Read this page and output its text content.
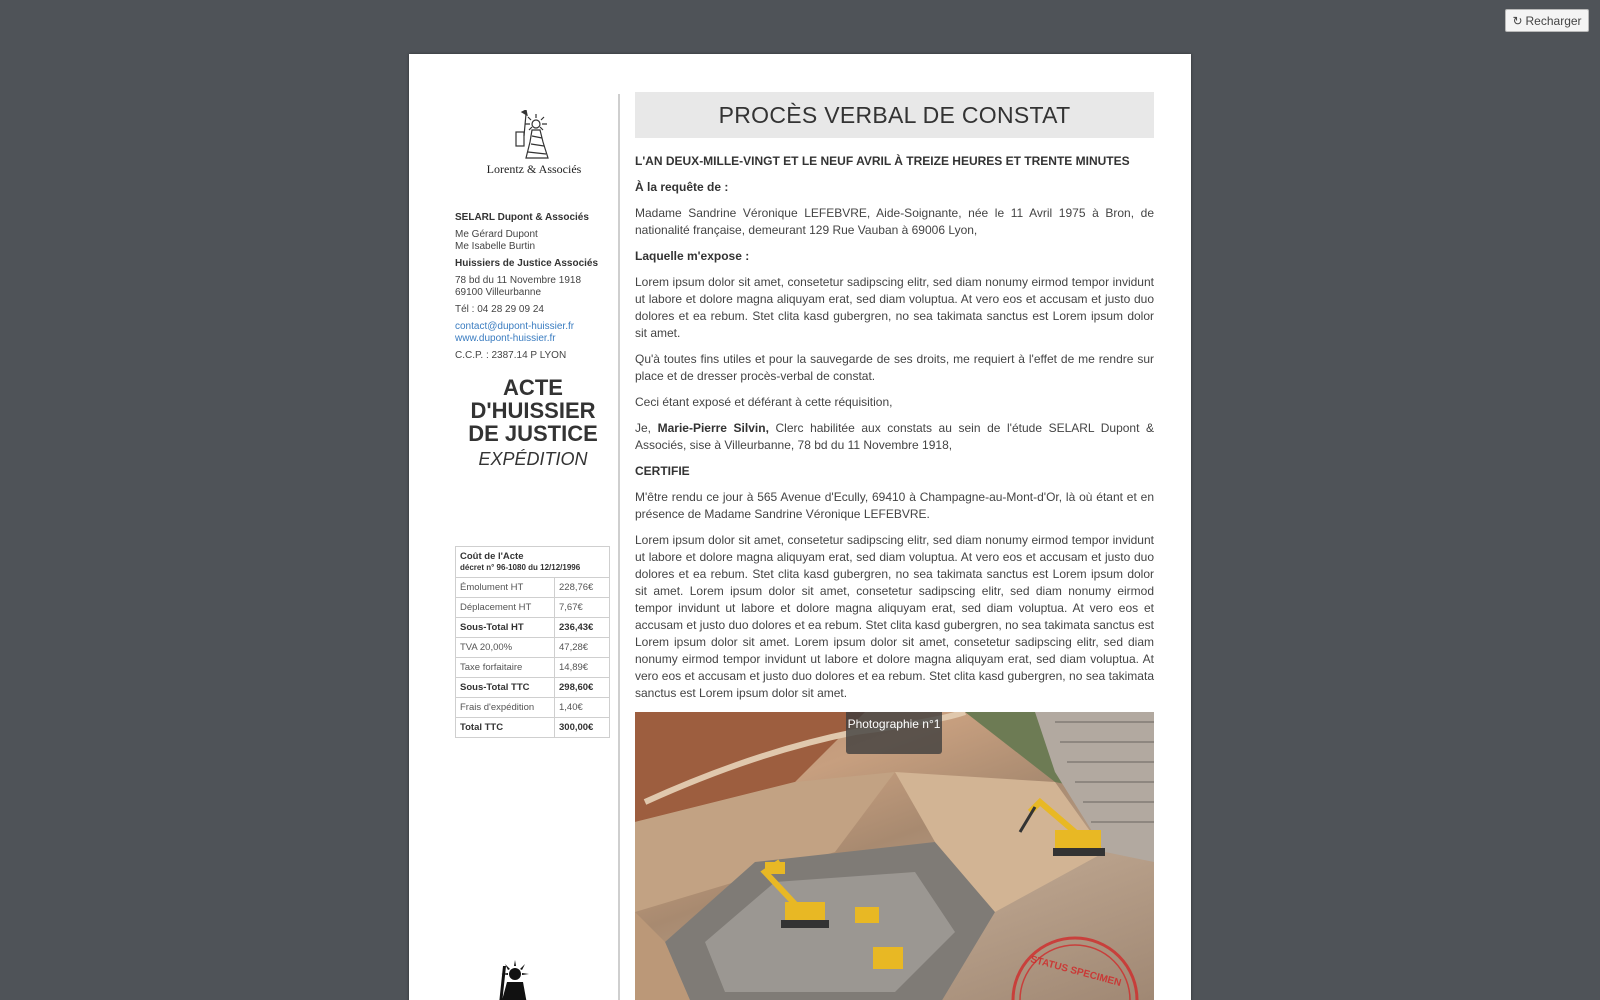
↻ Recharger
Lorentz & Associés
SELARL Dupont & Associés
Me Gérard Dupont
Me Isabelle Burtin
Huissiers de Justice Associés
78 bd du 11 Novembre 1918
69100 Villeurbanne
Tél : 04 28 29 09 24
contact@dupont-huissier.fr
www.dupont-huissier.fr
C.C.P. : 2387.14 P LYON
ACTE D'HUISSIER DE JUSTICE
EXPÉDITION
Coût de l'Acte
décret n° 96-1080 du 12/12/1996	

Émolument HT	228,76€
Déplacement HT	7,67€
Sous-Total HT	236,43€
TVA 20,00%	47,28€
Taxe forfaitaire	14,89€
Sous-Total TTC	298,60€
Frais d'expédition	1,40€
Total TTC	300,00€
PROCÈS VERBAL DE CONSTAT
L'AN DEUX-MILLE-VINGT ET LE NEUF AVRIL À TREIZE HEURES ET TRENTE MINUTES
À la requête de :
Madame Sandrine Véronique LEFEBVRE, Aide-Soignante, née le 11 Avril 1975 à Bron, de nationalité française, demeurant 129 Rue Vauban à 69006 Lyon,
Laquelle m'expose :
Lorem ipsum dolor sit amet, consetetur sadipscing elitr, sed diam nonumy eirmod tempor invidunt ut labore et dolore magna aliquyam erat, sed diam voluptua. At vero eos et accusam et justo duo dolores et ea rebum. Stet clita kasd gubergren, no sea takimata sanctus est Lorem ipsum dolor sit amet.
Qu'à toutes fins utiles et pour la sauvegarde de ses droits, me requiert à l'effet de me rendre sur place et de dresser procès-verbal de constat.
Ceci étant exposé et déférant à cette réquisition,
Je, Marie-Pierre Silvin, Clerc habilitée aux constats au sein de l'étude SELARL Dupont & Associés, sise à Villeurbanne, 78 bd du 11 Novembre 1918,
CERTIFIE
M'être rendu ce jour à 565 Avenue d'Ecully, 69410 à Champagne-au-Mont-d'Or, là où étant et en présence de Madame Sandrine Véronique LEFEBVRE.
Lorem ipsum dolor sit amet, consetetur sadipscing elitr, sed diam nonumy eirmod tempor invidunt ut labore et dolore magna aliquyam erat, sed diam voluptua. At vero eos et accusam et justo duo dolores et ea rebum. Stet clita kasd gubergren, no sea takimata sanctus est Lorem ipsum dolor sit amet. Lorem ipsum dolor sit amet, consetetur sadipscing elitr, sed diam nonumy eirmod tempor invidunt ut labore et dolore magna aliquyam erat, sed diam voluptua. At vero eos et accusam et justo duo dolores et ea rebum. Stet clita kasd gubergren, no sea takimata sanctus est Lorem ipsum dolor sit amet. Lorem ipsum dolor sit amet, consetetur sadipscing elitr, sed diam nonumy eirmod tempor invidunt ut labore et dolore magna aliquyam erat, sed diam voluptua. At vero eos et accusam et justo duo dolores et ea rebum. Stet clita kasd gubergren, no sea takimata sanctus est Lorem ipsum dolor sit amet.
STATUS SPECIMEN
Photographie n°1
